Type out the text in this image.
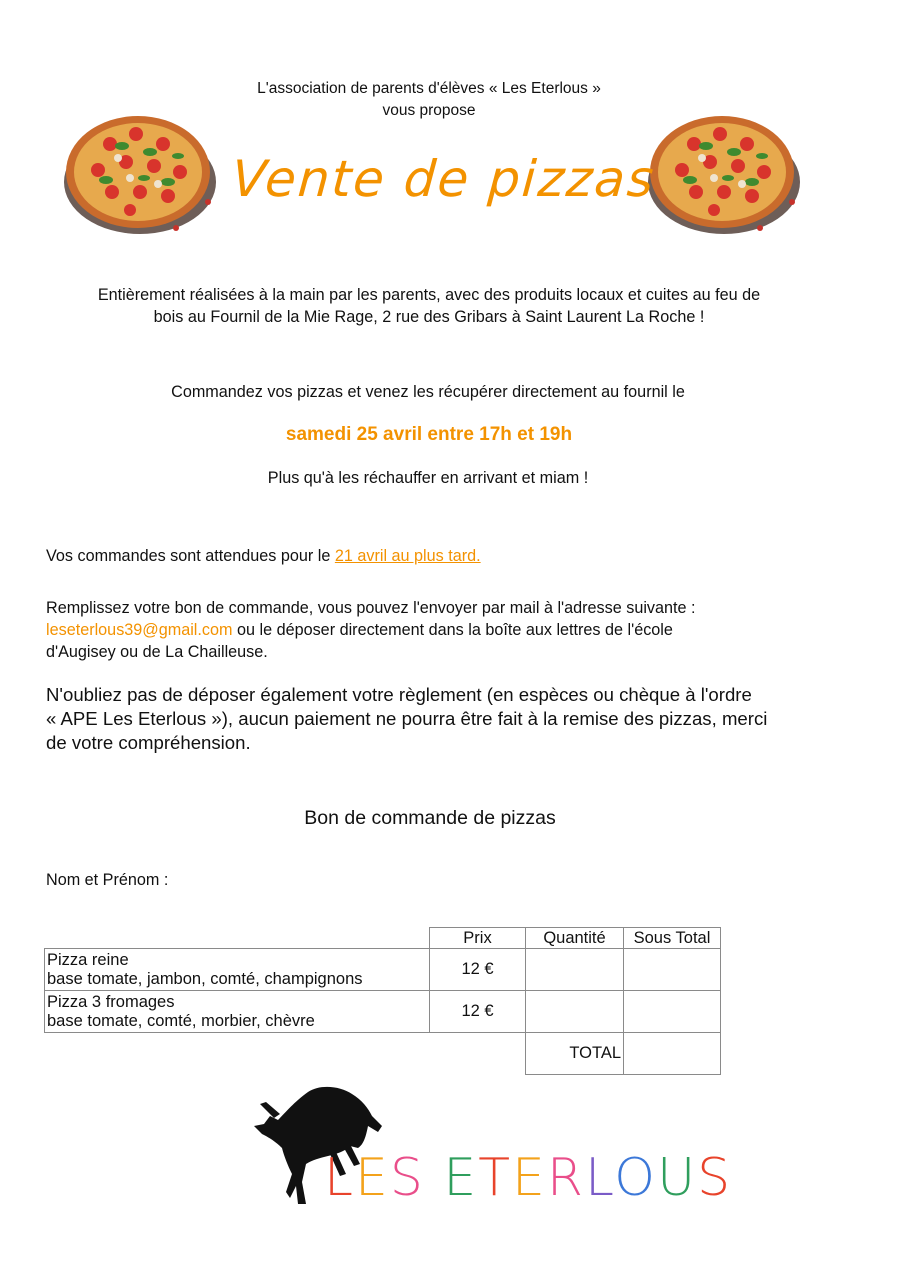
L'association de parents d'élèves « Les Eterlous »
vous propose
Vente de pizzas
Entièrement réalisées à la main par les parents, avec des produits locaux et cuites au feu de
bois au Fournil de la Mie Rage, 2 rue des Gribars à Saint Laurent La Roche !
Commandez vos pizzas et venez les récupérer directement au fournil le
samedi 25 avril entre 17h et 19h
Plus qu'à les réchauffer en arrivant et miam !
Vos commandes sont attendues pour le 21 avril au plus tard.
Remplissez votre bon de commande, vous pouvez l'envoyer par mail à l'adresse suivante :
leseterlous39@gmail.com ou le déposer directement dans la boîte aux lettres de l'école
d'Augisey ou de La Chailleuse.
N'oubliez pas de déposer également votre règlement (en espèces ou chèque à l'ordre
« APE Les Eterlous »), aucun paiement ne pourra être fait à la remise des pizzas, merci
de votre compréhension.
Bon de commande de pizzas
Nom et Prénom :
	Prix	Quantité	Sous Total

Pizza reine
base tomate, jambon, comté, champignons	12 €		

Pizza 3 fromages
base tomate, comté, morbier, chèvre	12 €		
		TOTAL	
LES ETERLOUS
